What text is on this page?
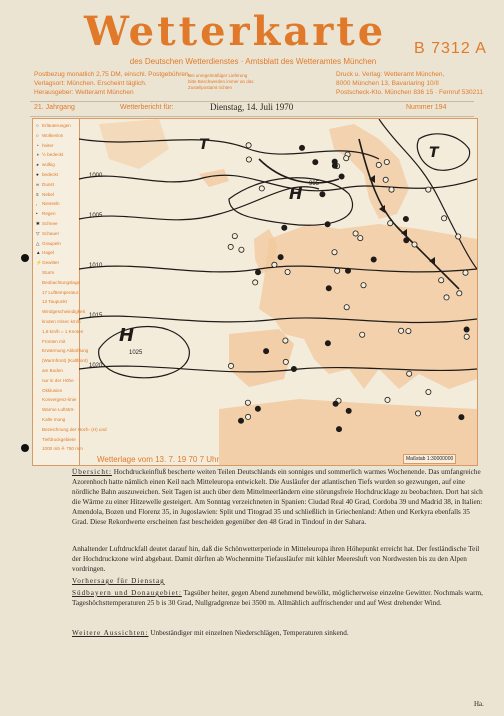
Wetterkarte B 7312 A
des Deutschen Wetterdienstes · Amtsblatt des Wetteramtes München
Postbezug monatlich 2,75 DM, einschl. Postgebühren.
Verlagsort: München. Erscheint täglich.
Herausgeber: Wetteramt München
Bei unregelmäßiger Lieferung
bitte Beschwerden immer an das
Zustellpostamt richten
Druck u. Verlag: Wetteramt München,
8000 München 13, Bavariaring 10/II
Postscheck-Kto. München 836 15 · Fernruf 530211
21. Jahrgang	Wetterbericht für:	Dienstag, 14. Juli 1970	Nummer 194
○ Erläuterungen
○ Wolkenlos
◔ heiter
◑ ½ bedeckt
◕ wolkig
● bedeckt
∞ Dunst
≡ Nebel
, Niesseln
• Regen
✱ Schnee
▽ Schauer
△ Graupeln
▲Hagel
⚡Gewitter
Sturm
Beobachtungslage
17 Lufttemperatur
13 Taupunkt
Windgeschwindigkeit
knoten m/sec km/h
1,8 km/h = 1 Knoten
Fronten mit
Erwärmung Abkühlung
(Warmfront) (Kaltfront)
am Boden
nur in der Höhe
Okklusion
Konvergenz-linie
Warme Luftströ-
Kalte mung
Bezeichnung der Hoch- (H) und
Tiefdruckgebiete
1000 mb ≙ 750 mm
H
H
T
T
995
1000
1005
1010
1015
1020
1025
Wetterlage vom 13. 7. 19 70 7 Uhr	Maßstab 1:30000000
Übersicht: Hochdruckeinfluß bescherte weiten Teilen Deutschlands ein sonniges und sommerlich warmes Wochenende. Das umfangreiche Azorenhoch hatte nämlich einen Keil nach Mitteleuropa entwickelt. Die Ausläufer der atlantischen Tiefs wurden so gezwungen, auf eine nördliche Bahn auszuweichen. Seit Tagen ist auch über dem Mittelmeerländern eine störungsfreie Hochdrucklage zu beobachten. Dort hat sich die Wärme zu einer Hitzewelle gesteigert. Am Sonntag verzeichneten in Spanien: Ciudad Real 40 Grad, Cordoba 39 und Madrid 38, in Italien: Amendola, Bozen und Florenz 35, in Jugoslawien: Split und Titograd 35 und schließlich in Griechenland: Athen und Kerkyra ebenfalls 35 Grad. Diese Rekordwerte erscheinen fast bescheiden gegenüber den 48 Grad in Tindouf in der Sahara.
Anhaltender Luftdruckfall deutet darauf hin, daß die Schönwetterperiode in Mitteleuropa ihren Höhepunkt erreicht hat. Der festländische Teil der Hochdruckzone wird abgebaut. Damit dürften ab Wochenmitte Tiefausläufer mit kühler Meeresluft von Nordwesten bis zu den Alpen vordringen.
Vorhersage für Dienstag
Südbayern und Donaugebiet: Tagsüber heiter, gegen Abend zunehmend bewölkt, möglicherweise einzelne Gewitter. Nochmals warm, Tageshöchsttemperaturen 25 b is 30 Grad, Nullgradgrenze bei 3500 m. Allmählich auffrischender und auf West drehender Wind.
Weitere Aussichten: Unbeständiger mit einzelnen Niederschlägen, Temperaturen sinkend.
Ha.
